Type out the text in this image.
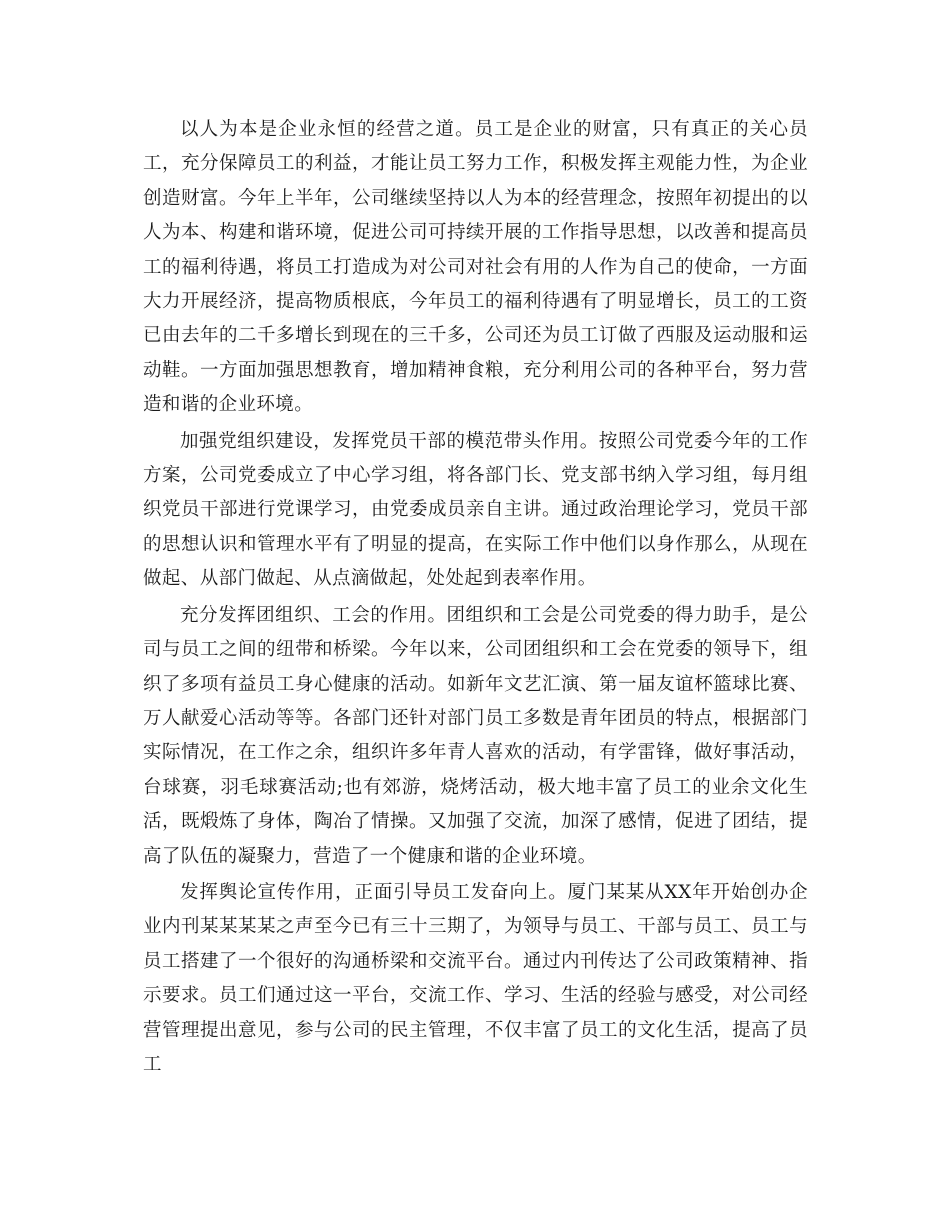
以人为本是企业永恒的经营之道。员工是企业的财富，只有真正的关心员工，充分保障员工的利益，才能让员工努力工作，积极发挥主观能力性，为企业创造财富。今年上半年，公司继续坚持以人为本的经营理念，按照年初提出的以人为本、构建和谐环境，促进公司可持续开展的工作指导思想，以改善和提高员工的福利待遇，将员工打造成为对公司对社会有用的人作为自己的使命，一方面大力开展经济，提高物质根底，今年员工的福利待遇有了明显增长，员工的工资已由去年的二千多增长到现在的三千多，公司还为员工订做了西服及运动服和运动鞋。一方面加强思想教育，增加精神食粮，充分利用公司的各种平台，努力营造和谐的企业环境。

加强党组织建设，发挥党员干部的模范带头作用。按照公司党委今年的工作方案，公司党委成立了中心学习组，将各部门长、党支部书纳入学习组，每月组织党员干部进行党课学习，由党委成员亲自主讲。通过政治理论学习，党员干部的思想认识和管理水平有了明显的提高，在实际工作中他们以身作那么，从现在做起、从部门做起、从点滴做起，处处起到表率作用。

充分发挥团组织、工会的作用。团组织和工会是公司党委的得力助手，是公司与员工之间的纽带和桥梁。今年以来，公司团组织和工会在党委的领导下，组织了多项有益员工身心健康的活动。如新年文艺汇演、第一届友谊杯篮球比赛、万人献爱心活动等等。各部门还针对部门员工多数是青年团员的特点，根据部门实际情况，在工作之余，组织许多年青人喜欢的活动，有学雷锋，做好事活动，台球赛，羽毛球赛活动;也有郊游，烧烤活动，极大地丰富了员工的业余文化生活，既煅炼了身体，陶冶了情操。又加强了交流，加深了感情，促进了团结，提高了队伍的凝聚力，营造了一个健康和谐的企业环境。

发挥舆论宣传作用，正面引导员工发奋向上。厦门某某从XX年开始创办企业内刊某某某某之声至今已有三十三期了，为领导与员工、干部与员工、员工与员工搭建了一个很好的沟通桥梁和交流平台。通过内刊传达了公司政策精神、指示要求。员工们通过这一平台，交流工作、学习、生活的经验与感受，对公司经营管理提出意见，参与公司的民主管理，不仅丰富了员工的文化生活，提高了员工
